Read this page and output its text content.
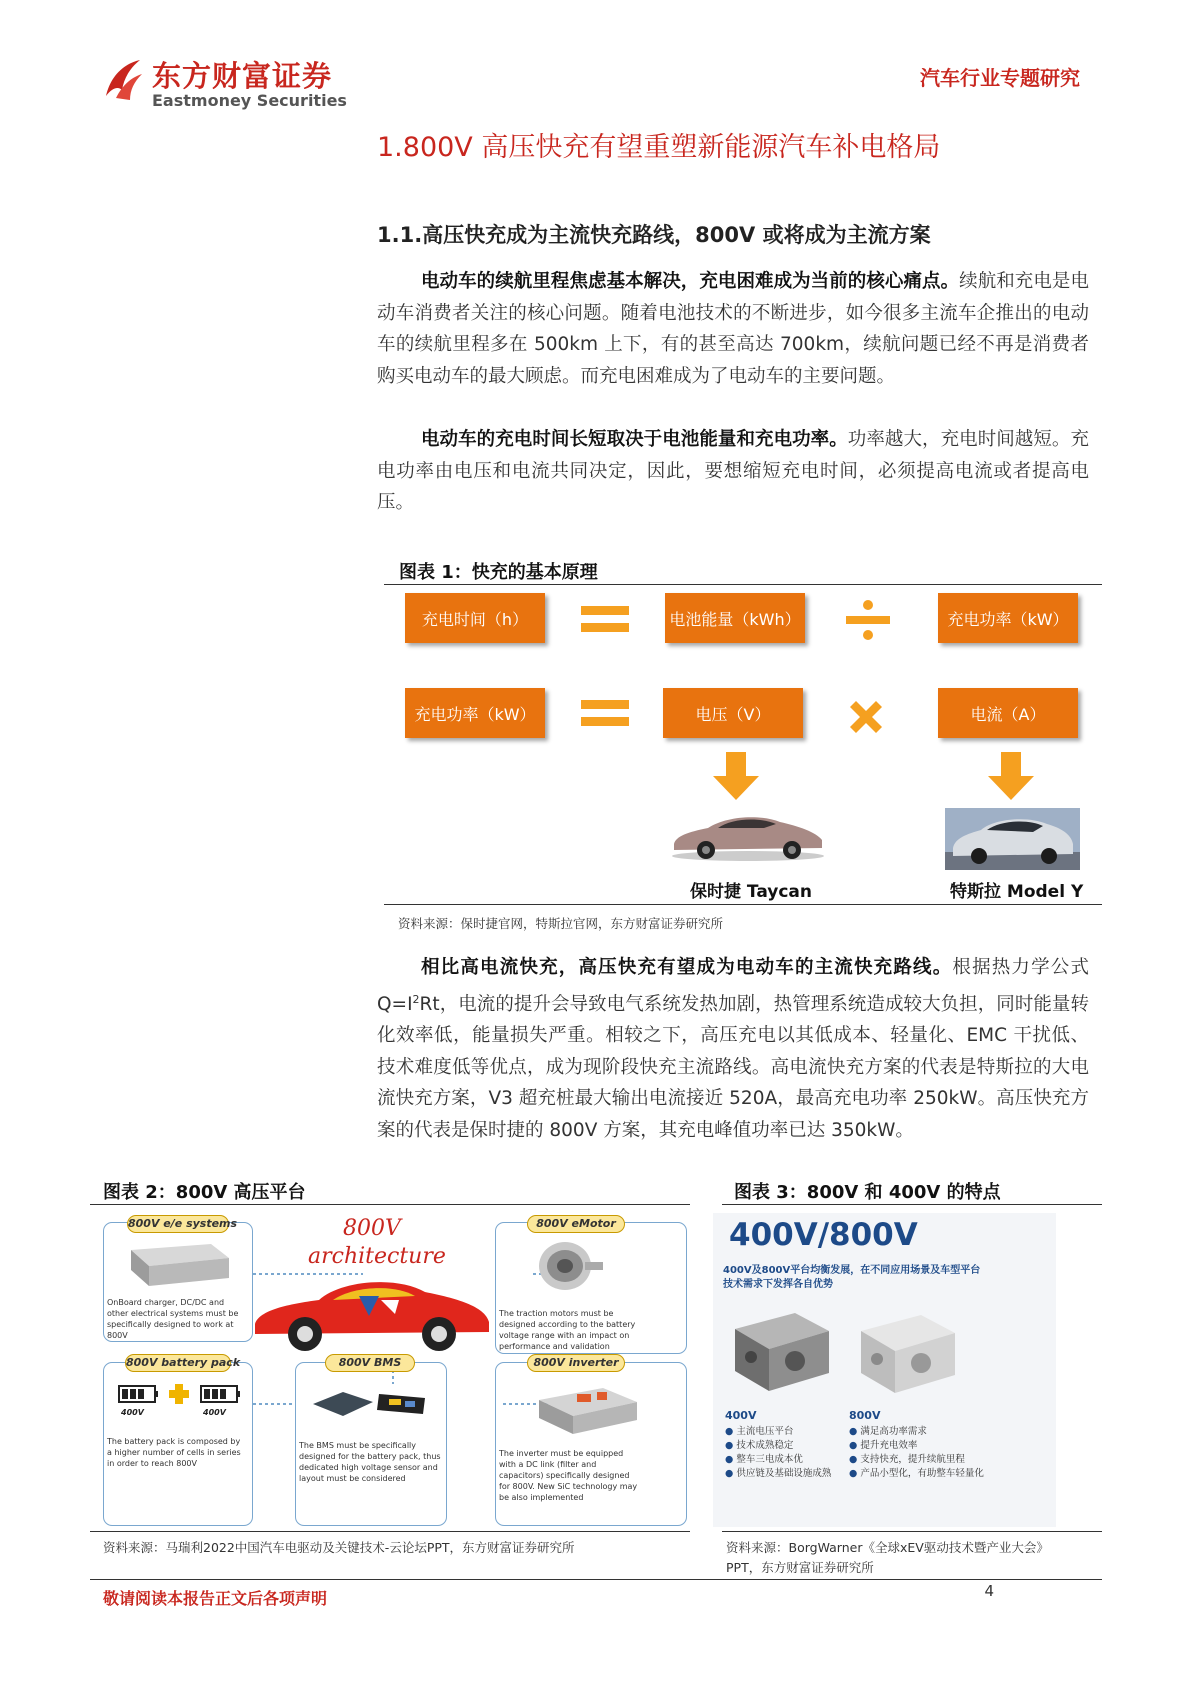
东方财富证券
Eastmoney Securities
汽车行业专题研究
1.800V 高压快充有望重塑新能源汽车补电格局
1.1.高压快充成为主流快充路线，800V 或将成为主流方案
电动车的续航里程焦虑基本解决，充电困难成为当前的核心痛点。续航和充电是电动车消费者关注的核心问题。随着电池技术的不断进步，如今很多主流车企推出的电动车的续航里程多在 500km 上下，有的甚至高达 700km，续航问题已经不再是消费者购买电动车的最大顾虑。而充电困难成为了电动车的主要问题。
电动车的充电时间长短取决于电池能量和充电功率。功率越大，充电时间越短。充电功率由电压和电流共同决定，因此，要想缩短充电时间，必须提高电流或者提高电压。
图表 1：快充的基本原理
充电时间（h）	电池能量（kWh）	充电功率（kW）
充电功率（kW）	电压（V）	电流（A）
保时捷 Taycan	特斯拉 Model Y
资料来源：保时捷官网，特斯拉官网，东方财富证券研究所
相比高电流快充，高压快充有望成为电动车的主流快充路线。根据热力学公式 $Q=I^2Rt$，电流的提升会导致电气系统发热加剧，热管理系统造成较大负担，同时能量转化效率低，能量损失严重。相较之下，高压充电以其低成本、轻量化、EMC 干扰低、技术难度低等优点，成为现阶段快充主流路线。高电流快充方案的代表是特斯拉的大电流快充方案，V3 超充桩最大输出电流接近 520A，最高充电功率 250kW。高压快充方案的代表是保时捷的 800V 方案，其充电峰值功率已达 350kW。
图表 2：800V 高压平台
800V e/e systems
OnBoard charger, DC/DC and other electrical systems must be specifically designed to work at 800V
800V
architecture
800V battery pack
400V	400V
The battery pack is composed by a higher number of cells in series in order to reach 800V
800V BMS
The BMS must be specifically designed for the battery pack, thus dedicated high voltage sensor and layout must be considered
800V eMotor
The traction motors must be designed according to the battery voltage range with an impact on performance and validation
800V inverter
The inverter must be equipped with a DC link (filter and capacitors) specifically designed for 800V. New SiC technology may be also implemented
资料来源：马瑞利2022中国汽车电驱动及关键技术-云论坛PPT，东方财富证券研究所
图表 3：800V 和 400V 的特点
400V/800V
400V及800V平台均衡发展，在不同应用场景及车型平台
技术需求下发挥各自优势
400V
● 主流电压平台
● 技术成熟稳定
● 整车三电成本优
● 供应链及基础设施成熟
800V
● 满足高功率需求
● 提升充电效率
● 支持快充，提升续航里程
● 产品小型化，有助整车轻量化
资料来源：BorgWarner《全球xEV驱动技术暨产业大会》
PPT，东方财富证券研究所
敬请阅读本报告正文后各项声明	4
